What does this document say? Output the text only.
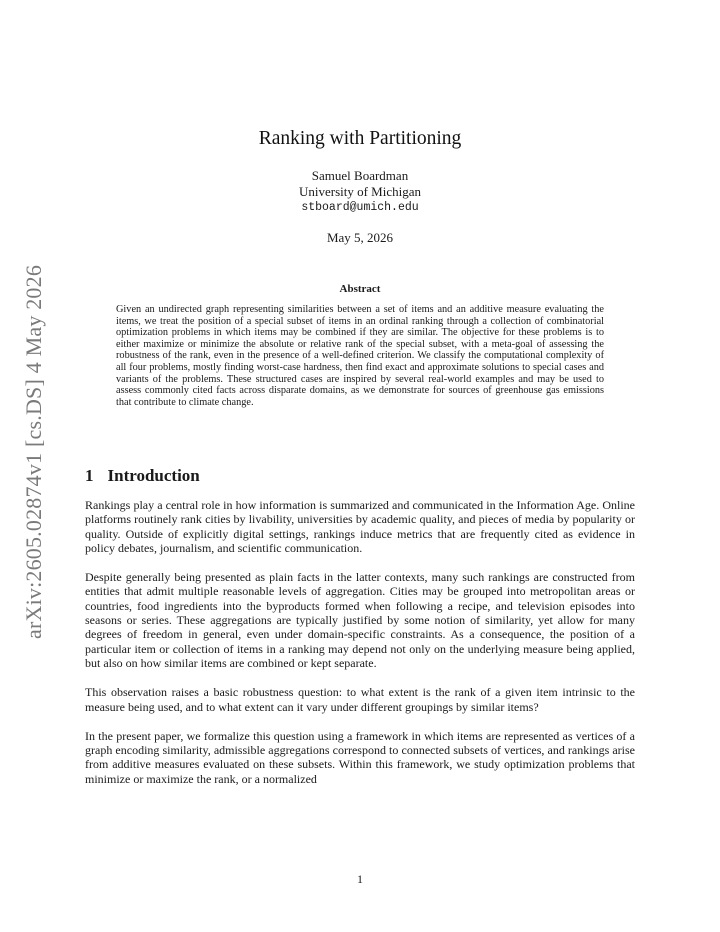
arXiv:2605.02874v1 [cs.DS] 4 May 2026
Ranking with Partitioning
Samuel Boardman
University of Michigan
stboard@umich.edu
May 5, 2026

Abstract

Given an undirected graph representing similarities between a set of items and an additive measure evaluating the items, we treat the position of a special subset of items in an ordinal ranking through a collection of combinatorial optimization problems in which items may be combined if they are similar. The objective for these problems is to either maximize or minimize the absolute or relative rank of the special subset, with a meta-goal of assessing the robustness of the rank, even in the presence of a well-defined criterion. We classify the computational complexity of all four problems, mostly finding worst-case hardness, then find exact and approximate solutions to special cases and variants of the problems. These structured cases are inspired by several real-world examples and may be used to assess commonly cited facts across disparate domains, as we demonstrate for sources of greenhouse gas emissions that contribute to climate change.

1 Introduction

Rankings play a central role in how information is summarized and communicated in the Information Age. Online platforms routinely rank cities by livability, universities by academic quality, and pieces of media by popularity or quality. Outside of explicitly digital settings, rankings induce metrics that are frequently cited as evidence in policy debates, journalism, and scientific communication.

Despite generally being presented as plain facts in the latter contexts, many such rankings are constructed from entities that admit multiple reasonable levels of aggregation. Cities may be grouped into metropolitan areas or countries, food ingredients into the byproducts formed when following a recipe, and television episodes into seasons or series. These aggregations are typically justified by some notion of similarity, yet allow for many degrees of freedom in general, even under domain-specific constraints. As a consequence, the position of a particular item or collection of items in a ranking may depend not only on the underlying measure being applied, but also on how similar items are combined or kept separate.

This observation raises a basic robustness question: to what extent is the rank of a given item intrinsic to the measure being used, and to what extent can it vary under different groupings by similar items?

In the present paper, we formalize this question using a framework in which items are represented as vertices of a graph encoding similarity, admissible aggregations correspond to connected subsets of vertices, and rankings arise from additive measures evaluated on these subsets. Within this framework, we study optimization problems that minimize or maximize the rank, or a normalized

1
